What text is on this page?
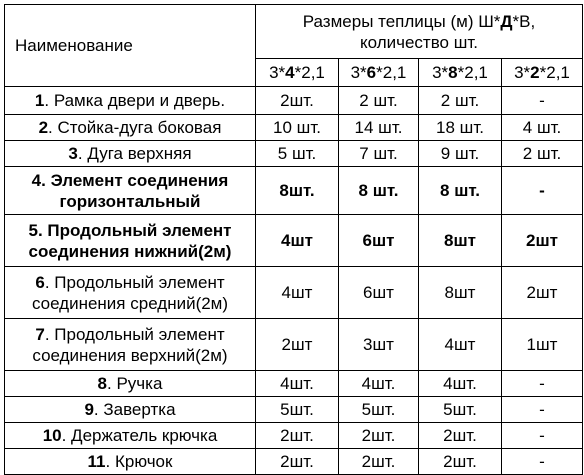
Наименование	Размеры теплицы (м) Ш*Д*В,
количество шт.			

	3*4*2,1	3*6*2,1	3*8*2,1	3*2*2,1
1. Рамка двери и дверь.	2шт.	2 шт.	2 шт.	-
2. Стойка-дуга боковая	10 шт.	14 шт.	18 шт.	4 шт.
3. Дуга верхняя	5 шт.	7 шт.	9 шт.	2 шт.
4. Элемент соединения горизонтальный	8шт.	8 шт.	8 шт.	-
5. Продольный элемент соединения нижний(2м)	4шт	6шт	8шт	2шт
6. Продольный элемент соединения средний(2м)	4шт	6шт	8шт	2шт
7. Продольный элемент соединения верхний(2м)	2шт	3шт	4шт	1шт
8. Ручка	4шт.	4шт.	4шт.	-
9. Завертка	5шт.	5шт.	5шт.	-
10. Держатель крючка	2шт.	2шт.	2шт.	-
11. Крючок	2шт.	2шт.	2шт.	-
